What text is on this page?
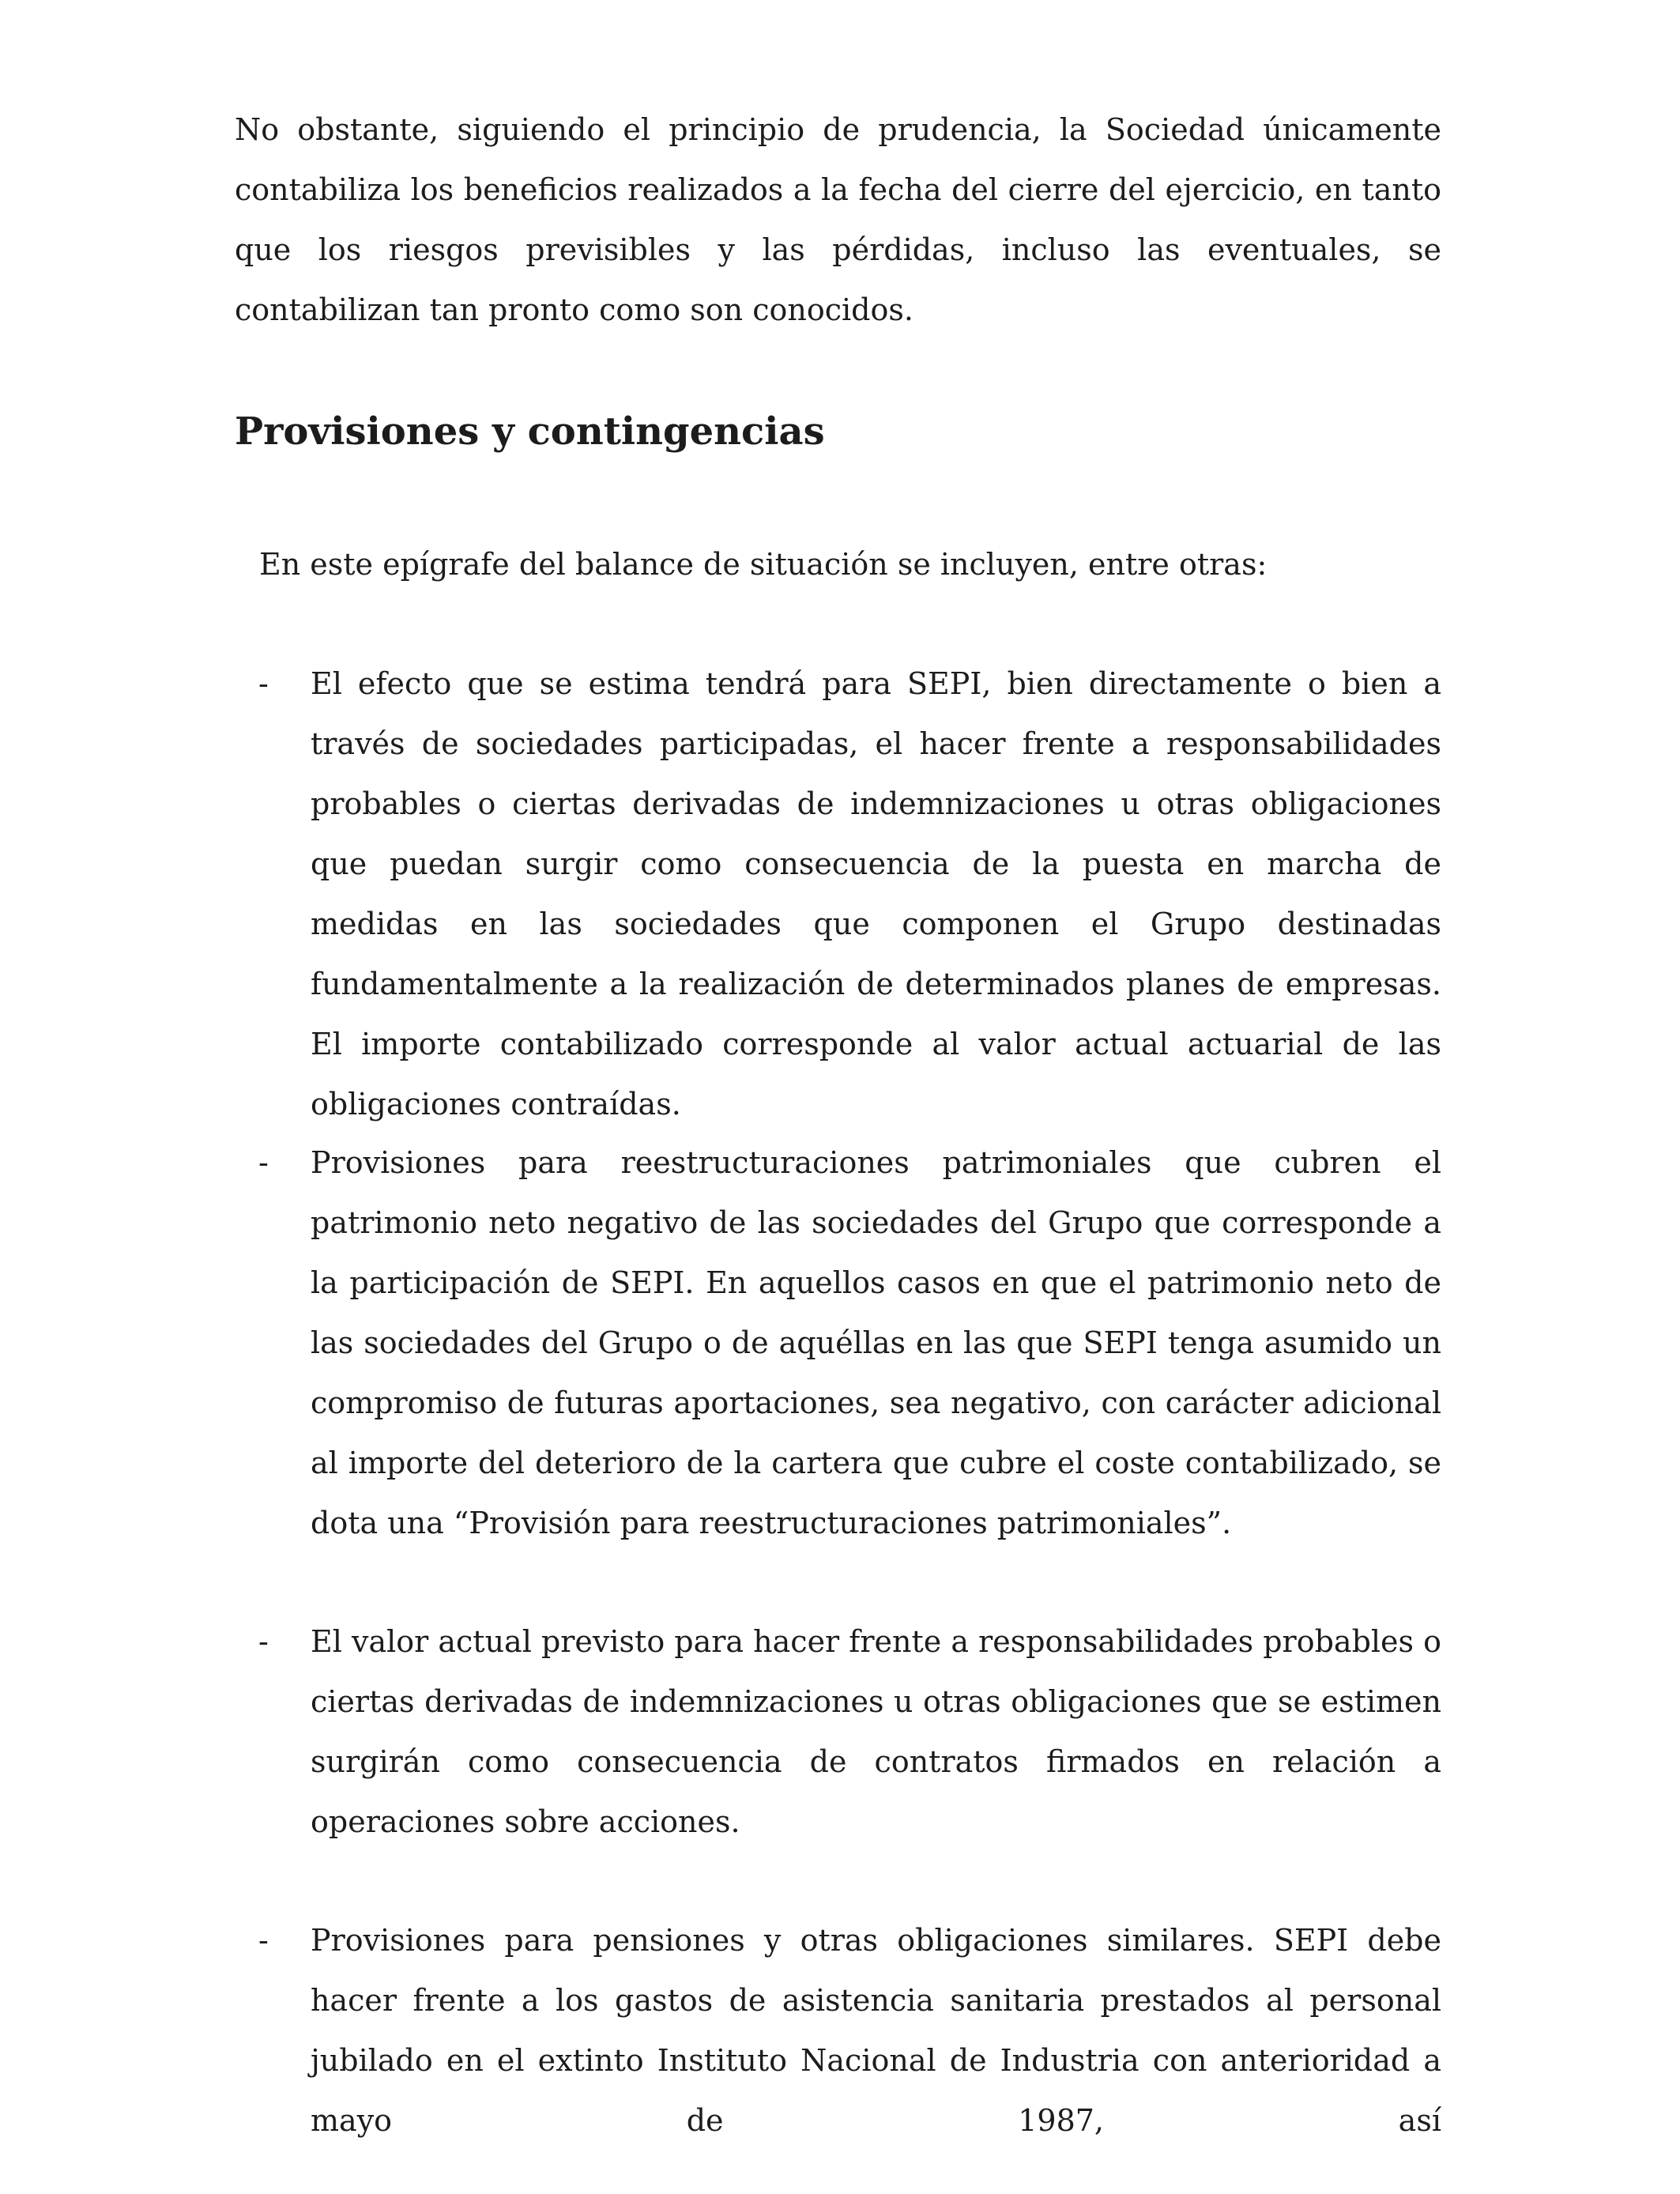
No obstante, siguiendo el principio de prudencia, la Sociedad únicamente contabiliza los beneficios realizados a la fecha del cierre del ejercicio, en tanto que los riesgos previsibles y las pérdidas, incluso las eventuales, se contabilizan tan pronto como son conocidos.

Provisiones y contingencias

En este epígrafe del balance de situación se incluyen, entre otras:

- El efecto que se estima tendrá para SEPI, bien directamente o bien a través de sociedades participadas, el hacer frente a responsabilidades probables o ciertas derivadas de indemnizaciones u otras obligaciones que puedan surgir como consecuencia de la puesta en marcha de medidas en las sociedades que componen el Grupo destinadas fundamentalmente a la realización de determinados planes de empresas. El importe contabilizado corresponde al valor actual actuarial de las obligaciones contraídas.

- Provisiones para reestructuraciones patrimoniales que cubren el patrimonio neto negativo de las sociedades del Grupo que corresponde a la participación de SEPI. En aquellos casos en que el patrimonio neto de las sociedades del Grupo o de aquéllas en las que SEPI tenga asumido un compromiso de futuras aportaciones, sea negativo, con carácter adicional al importe del deterioro de la cartera que cubre el coste contabilizado, se dota una “Provisión para reestructuraciones patrimoniales”.

- El valor actual previsto para hacer frente a responsabilidades probables o ciertas derivadas de indemnizaciones u otras obligaciones que se estimen surgirán como consecuencia de contratos firmados en relación a operaciones sobre acciones.

- Provisiones para pensiones y otras obligaciones similares. SEPI debe hacer frente a los gastos de asistencia sanitaria prestados al personal jubilado en el extinto Instituto Nacional de Industria con anterioridad a mayo de 1987, así
